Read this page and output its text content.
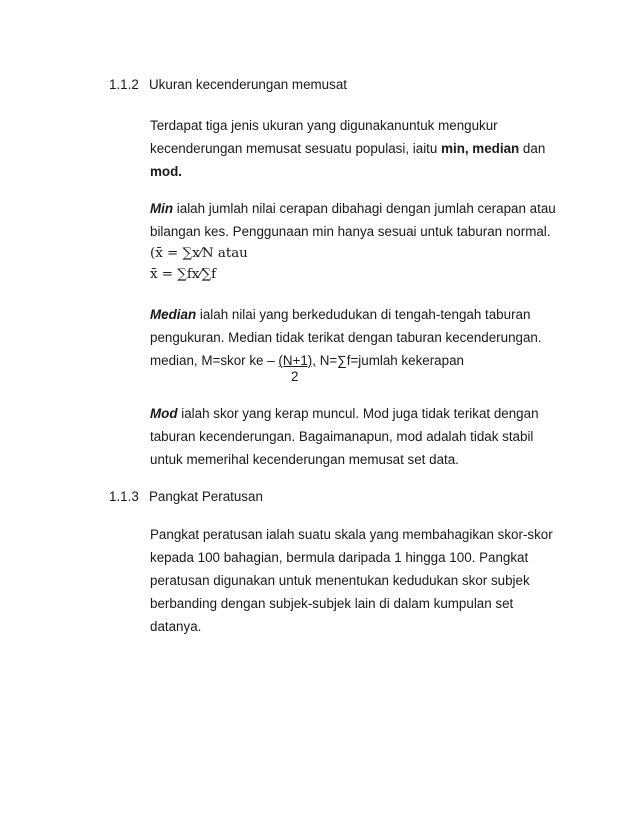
1.1.2 Ukuran kecenderungan memusat
Terdapat tiga jenis ukuran yang digunakanuntuk mengukur
kecenderungan memusat sesuatu populasi, iaitu min, median dan
mod.
Min ialah jumlah nilai cerapan dibahagi dengan jumlah cerapan atau
bilangan kes. Penggunaan min hanya sesuai untuk taburan normal.
(x̄ = ∑x⁄N atau
x̄ = ∑fx⁄∑f
Median ialah nilai yang berkedudukan di tengah-tengah taburan
pengukuran. Median tidak terikat dengan taburan kecenderungan.
median, M=skor ke – (N+1), N=∑f=jumlah kekerapan
2
Mod ialah skor yang kerap muncul. Mod juga tidak terikat dengan
taburan kecenderungan. Bagaimanapun, mod adalah tidak stabil
untuk memerihal kecenderungan memusat set data.
1.1.3 Pangkat Peratusan
Pangkat peratusan ialah suatu skala yang membahagikan skor-skor
kepada 100 bahagian, bermula daripada 1 hingga 100. Pangkat
peratusan digunakan untuk menentukan kedudukan skor subjek
berbanding dengan subjek-subjek lain di dalam kumpulan set
datanya.
